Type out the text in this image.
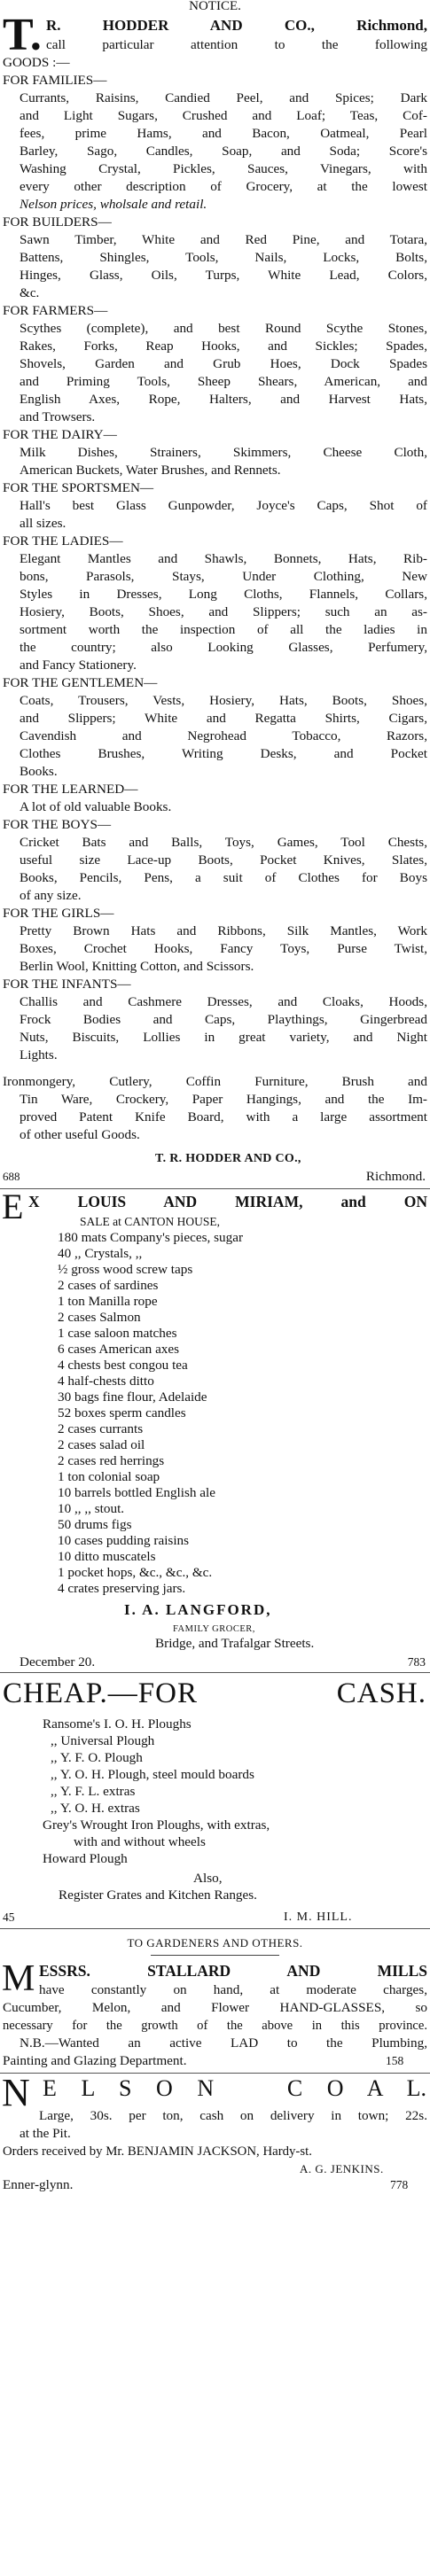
NOTICE.
T. R. HODDER AND CO., Richmond,
call particular attention to the following
GOODS :—
FOR FAMILIES—
Currants, Raisins, Candied Peel, and Spices; Dark
and Light Sugars, Crushed and Loaf; Teas, Cof-
fees, prime Hams, and Bacon, Oatmeal, Pearl
Barley, Sago, Candles, Soap, and Soda; Score's
Washing Crystal, Pickles, Sauces, Vinegars, with
every other description of Grocery, at the lowest
Nelson prices, wholsale and retail.
FOR BUILDERS—
Sawn Timber, White and Red Pine, and Totara,
Battens, Shingles, Tools, Nails, Locks, Bolts,
Hinges, Glass, Oils, Turps, White Lead, Colors,
&c.
FOR FARMERS—
Scythes (complete), and best Round Scythe Stones,
Rakes, Forks, Reap Hooks, and Sickles; Spades,
Shovels, Garden and Grub Hoes, Dock Spades
and Priming Tools, Sheep Shears, American, and
English Axes, Rope, Halters, and Harvest Hats,
and Trowsers.
FOR THE DAIRY—
Milk Dishes, Strainers, Skimmers, Cheese Cloth,
American Buckets, Water Brushes, and Rennets.
FOR THE SPORTSMEN—
Hall's best Glass Gunpowder, Joyce's Caps, Shot of
all sizes.
FOR THE LADIES—
Elegant Mantles and Shawls, Bonnets, Hats, Rib-
bons, Parasols, Stays, Under Clothing, New
Styles in Dresses, Long Cloths, Flannels, Collars,
Hosiery, Boots, Shoes, and Slippers; such an as-
sortment worth the inspection of all the ladies in
the country; also Looking Glasses, Perfumery,
and Fancy Stationery.
FOR THE GENTLEMEN—
Coats, Trousers, Vests, Hosiery, Hats, Boots, Shoes,
and Slippers; White and Regatta Shirts, Cigars,
Cavendish and Negrohead Tobacco, Razors,
Clothes Brushes, Writing Desks, and Pocket
Books.
FOR THE LEARNED—
A lot of old valuable Books.
FOR THE BOYS—
Cricket Bats and Balls, Toys, Games, Tool Chests,
useful size Lace-up Boots, Pocket Knives, Slates,
Books, Pencils, Pens, a suit of Clothes for Boys
of any size.
FOR THE GIRLS—
Pretty Brown Hats and Ribbons, Silk Mantles, Work
Boxes, Crochet Hooks, Fancy Toys, Purse Twist,
Berlin Wool, Knitting Cotton, and Scissors.
FOR THE INFANTS—
Challis and Cashmere Dresses, and Cloaks, Hoods,
Frock Bodies and Caps, Playthings, Gingerbread
Nuts, Biscuits, Lollies in great variety, and Night
Lights.
Ironmongery, Cutlery, Coffin Furniture, Brush and
Tin Ware, Crockery, Paper Hangings, and the Im-
proved Patent Knife Board, with a large assortment
of other useful Goods.
T. R. HODDER AND CO.,
688	Richmond.
E X LOUIS AND MIRIAM, and ON
SALE at CANTON HOUSE,
180 mats Company's pieces, sugar
40 ,, Crystals, ,,
½ gross wood screw taps
2 cases of sardines
1 ton Manilla rope
2 cases Salmon
1 case saloon matches
6 cases American axes
4 chests best congou tea
4 half-chests ditto
30 bags fine flour, Adelaide
52 boxes sperm candles
2 cases currants
2 cases salad oil
2 cases red herrings
1 ton colonial soap
10 barrels bottled English ale
10 ,, ,, stout.
50 drums figs
10 cases pudding raisins
10 ditto muscatels
1 pocket hops, &c., &c., &c.
4 crates preserving jars.
I. A. LANGFORD,
FAMILY GROCER,
Bridge, and Trafalgar Streets.
December 20.	783
CHEAP.—FOR CASH.
Ransome's I. O. H. Ploughs
,, Universal Plough
,, Y. F. O. Plough
,, Y. O. H. Plough, steel mould boards
,, Y. F. L. extras
,, Y. O. H. extras
Grey's Wrought Iron Ploughs, with extras,
with and without wheels
Howard Plough
Also,
Register Grates and Kitchen Ranges.
45	I. M. HILL.
TO GARDENERS AND OTHERS.
M ESSRS. STALLARD AND MILLS
have constantly on hand, at moderate charges,
Cucumber, Melon, and Flower HAND-GLASSES, so
necessary for the growth of the above in this province.
N.B.—Wanted an active LAD to the Plumbing,
Painting and Glazing Department.	158
N E L S O N   C O A L.
Large, 30s. per ton, cash on delivery in town; 22s.
at the Pit.
Orders received by Mr. BENJAMIN JACKSON, Hardy-st.
A. G. JENKINS.
Enner-glynn.	778
